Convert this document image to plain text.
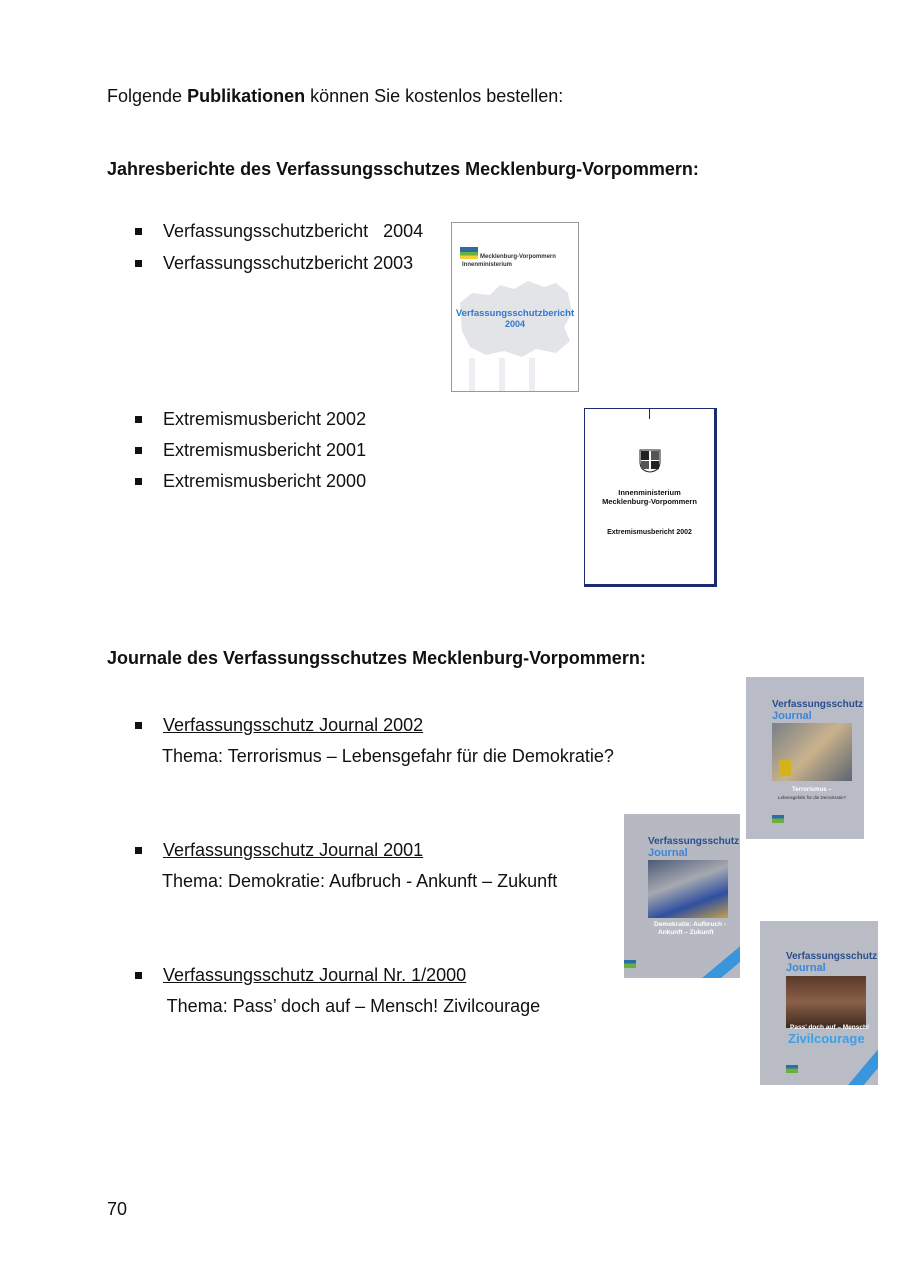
Folgende Publikationen können Sie kostenlos bestellen:
Jahresberichte des Verfassungsschutzes Mecklenburg-Vorpommern:
Verfassungsschutzbericht   2004
Verfassungsschutzbericht 2003	Mecklenburg-Vorpommern
Innenministerium
Verfassungsschutzbericht
2004
Extremismusbericht 2002
Extremismusbericht 2001
Extremismusbericht 2000
Innenministerium
Mecklenburg-Vorpommern
Extremismusbericht 2002
Journale des Verfassungsschutzes Mecklenburg-Vorpommern:
Verfassungsschutz Journal 2002
Thema: Terrorismus – Lebensgefahr für die Demokratie?
Verfassungsschutz Journal 2001
Thema: Demokratie: Aufbruch - Ankunft – Zukunft
Verfassungsschutz Journal Nr. 1/2000
Thema: Pass’ doch auf – Mensch! Zivilcourage
Verfassungsschutz
Journal
Terrorismus –
Lebensgefahr für die Demokratie?
Verfassungsschutz
Journal
Demokratie: Aufbruch -
Ankunft – Zukunft
Verfassungsschutz
Journal
Pass’ doch auf – Mensch!
Zivilcourage
70
